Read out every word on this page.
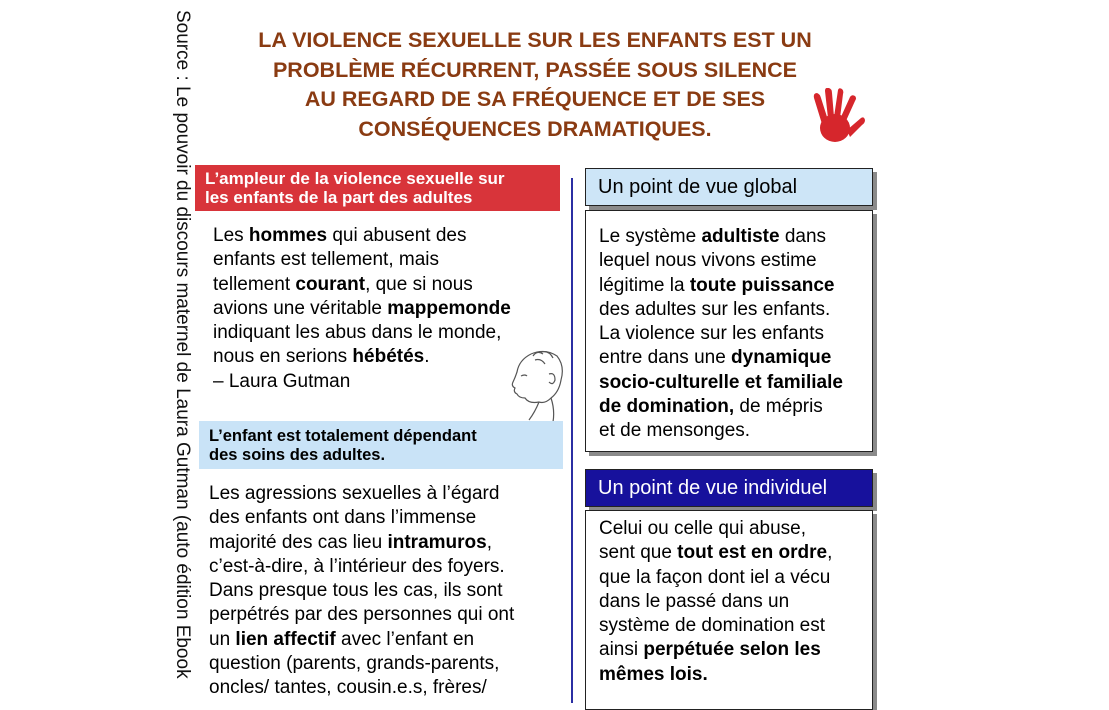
Source : Le pouvoir du discours maternel de Laura Gutman (auto édition Ebook	LA VIOLENCE SEXUELLE SUR LES ENFANTS EST UN
PROBLÈME RÉCURRENT, PASSÉE SOUS SILENCE
AU REGARD DE SA FRÉQUENCE ET DE SES
CONSÉQUENCES DRAMATIQUES.
L’ampleur de la violence sexuelle sur
les enfants de la part des adultes
Les hommes qui abusent des
enfants est tellement, mais
tellement courant, que si nous
avions une véritable mappemonde
indiquant les abus dans le monde,
nous en serions hébétés.
– Laura Gutman
L’enfant est totalement dépendant
des soins des adultes.
Les agressions sexuelles à l’égard
des enfants ont dans l’immense
majorité des cas lieu intramuros,
c’est-à-dire, à l’intérieur des foyers.
Dans presque tous les cas, ils sont
perpétrés par des personnes qui ont
un lien affectif avec l’enfant en
question (parents, grands-parents,
oncles/ tantes, cousin.e.s, frères/
Un point de vue global
Le système adultiste dans
lequel nous vivons estime
légitime la toute puissance
des adultes sur les enfants.
La violence sur les enfants
entre dans une dynamique
socio-culturelle et familiale
de domination, de mépris
et de mensonges.
Un point de vue individuel
Celui ou celle qui abuse,
sent que tout est en ordre,
que la façon dont iel a vécu
dans le passé dans un
système de domination est
ainsi perpétuée selon les
mêmes lois.
